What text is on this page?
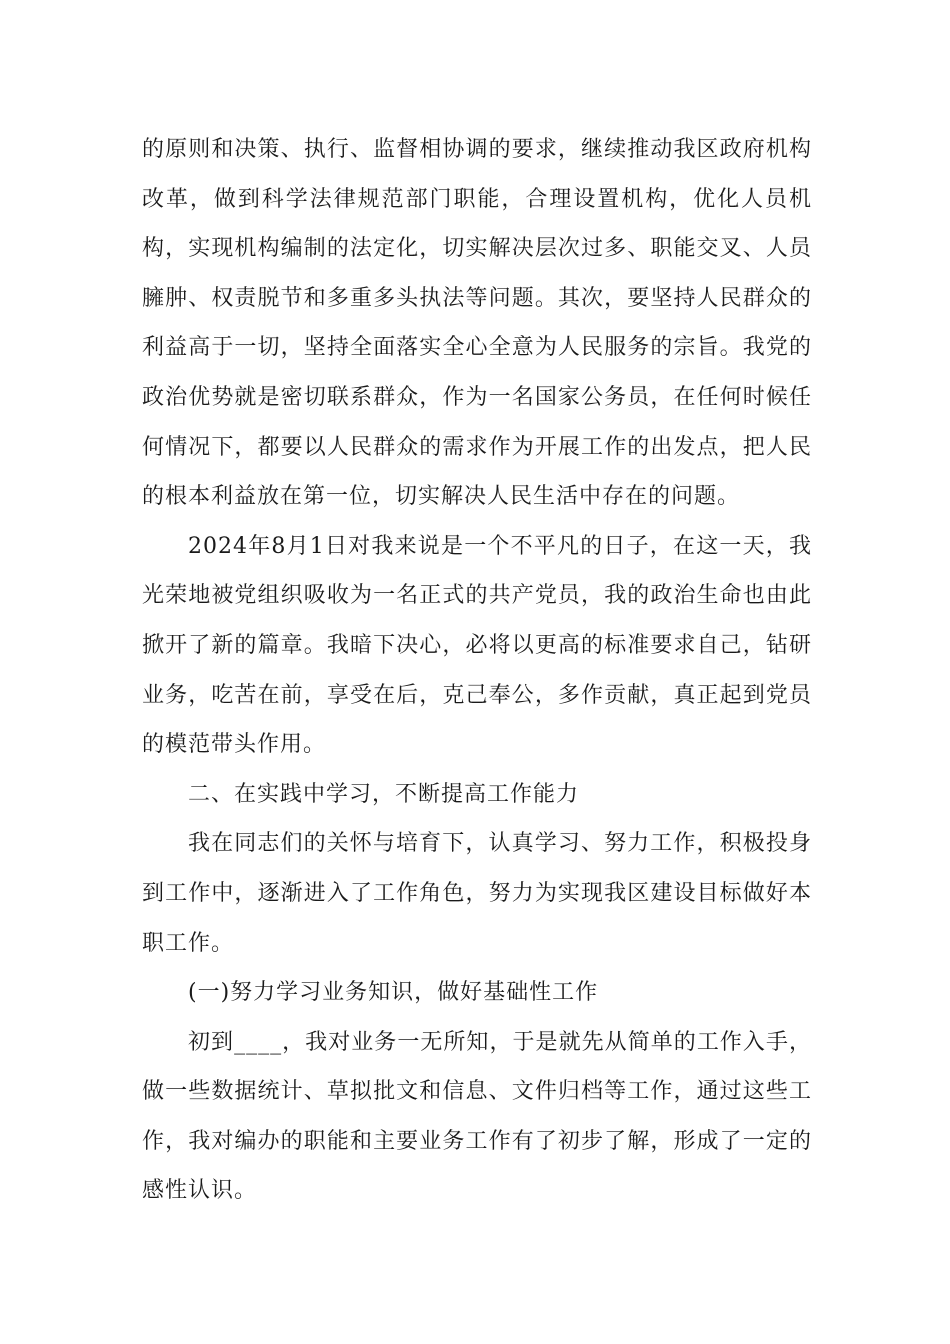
的原则和决策、执行、监督相协调的要求，继续推动我区政府机构改革，做到科学法律规范部门职能，合理设置机构，优化人员机构，实现机构编制的法定化，切实解决层次过多、职能交叉、人员臃肿、权责脱节和多重多头执法等问题。其次，要坚持人民群众的利益高于一切，坚持全面落实全心全意为人民服务的宗旨。我党的政治优势就是密切联系群众，作为一名国家公务员，在任何时候任何情况下，都要以人民群众的需求作为开展工作的出发点，把人民的根本利益放在第一位，切实解决人民生活中存在的问题。

2024年8月1日对我来说是一个不平凡的日子，在这一天，我光荣地被党组织吸收为一名正式的共产党员，我的政治生命也由此掀开了新的篇章。我暗下决心，必将以更高的标准要求自己，钻研业务，吃苦在前，享受在后，克己奉公，多作贡献，真正起到党员的模范带头作用。

二、在实践中学习，不断提高工作能力

我在同志们的关怀与培育下，认真学习、努力工作，积极投身到工作中，逐渐进入了工作角色，努力为实现我区建设目标做好本职工作。

(一)努力学习业务知识，做好基础性工作

初到____，我对业务一无所知，于是就先从简单的工作入手，做一些数据统计、草拟批文和信息、文件归档等工作，通过这些工作，我对编办的职能和主要业务工作有了初步了解，形成了一定的感性认识。
